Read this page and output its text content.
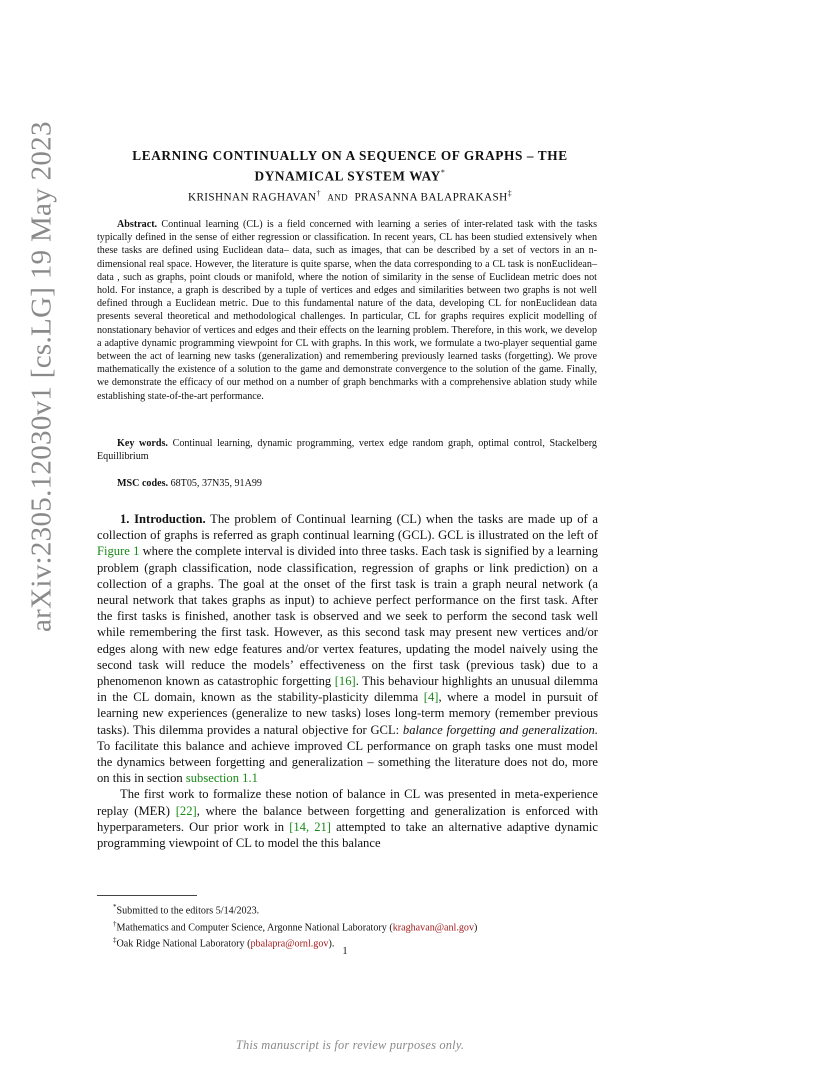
arXiv:2305.12030v1 [cs.LG] 19 May 2023	LEARNING CONTINUALLY ON A SEQUENCE OF GRAPHS – THE
DYNAMICAL SYSTEM WAY*
KRISHNAN RAGHAVAN† AND PRASANNA BALAPRAKASH‡
Abstract. Continual learning (CL) is a field concerned with learning a series of inter-related task with the tasks typically defined in the sense of either regression or classification. In recent years, CL has been studied extensively when these tasks are defined using Euclidean data– data, such as images, that can be described by a set of vectors in an n-dimensional real space. However, the literature is quite sparse, when the data corresponding to a CL task is nonEuclidean– data , such as graphs, point clouds or manifold, where the notion of similarity in the sense of Euclidean metric does not hold. For instance, a graph is described by a tuple of vertices and edges and similarities between two graphs is not well defined through a Euclidean metric. Due to this fundamental nature of the data, developing CL for nonEuclidean data presents several theoretical and methodological challenges. In particular, CL for graphs requires explicit modelling of nonstationary behavior of vertices and edges and their effects on the learning problem. Therefore, in this work, we develop a adaptive dynamic programming viewpoint for CL with graphs. In this work, we formulate a two-player sequential game between the act of learning new tasks (generalization) and remembering previously learned tasks (forgetting). We prove mathematically the existence of a solution to the game and demonstrate convergence to the solution of the game. Finally, we demonstrate the efficacy of our method on a number of graph benchmarks with a comprehensive ablation study while establishing state-of-the-art performance.
Key words. Continual learning, dynamic programming, vertex edge random graph, optimal control, Stackelberg Equillibrium
MSC codes. 68T05, 37N35, 91A99

1. Introduction. The problem of Continual learning (CL) when the tasks are made up of a collection of graphs is referred as graph continual learning (GCL). GCL is illustrated on the left of Figure 1 where the complete interval is divided into three tasks. Each task is signified by a learning problem (graph classification, node classification, regression of graphs or link prediction) on a collection of a graphs. The goal at the onset of the first task is train a graph neural network (a neural network that takes graphs as input) to achieve perfect performance on the first task. After the first tasks is finished, another task is observed and we seek to perform the second task well while remembering the first task. However, as this second task may present new vertices and/or edges along with new edge features and/or vertex features, updating the model naively using the second task will reduce the models’ effectiveness on the first task (previous task) due to a phenomenon known as catastrophic forgetting [16]. This behaviour highlights an unusual dilemma in the CL domain, known as the stability-plasticity dilemma [4], where a model in pursuit of learning new experiences (generalize to new tasks) loses long-term memory (remember previous tasks). This dilemma provides a natural objective for GCL: balance forgetting and generalization. To facilitate this balance and achieve improved CL performance on graph tasks one must model the dynamics between forgetting and generalization – something the literature does not do, more on this in section subsection 1.1

The first work to formalize these notion of balance in CL was presented in meta-experience replay (MER) [22], where the balance between forgetting and generalization is enforced with hyperparameters. Our prior work in [14, 21] attempted to take an alternative adaptive dynamic programming viewpoint of CL to model the this balance

*Submitted to the editors 5/14/2023.
†Mathematics and Computer Science, Argonne National Laboratory (kraghavan@anl.gov)
‡Oak Ridge National Laboratory (pbalapra@ornl.gov).
1
This manuscript is for review purposes only.
